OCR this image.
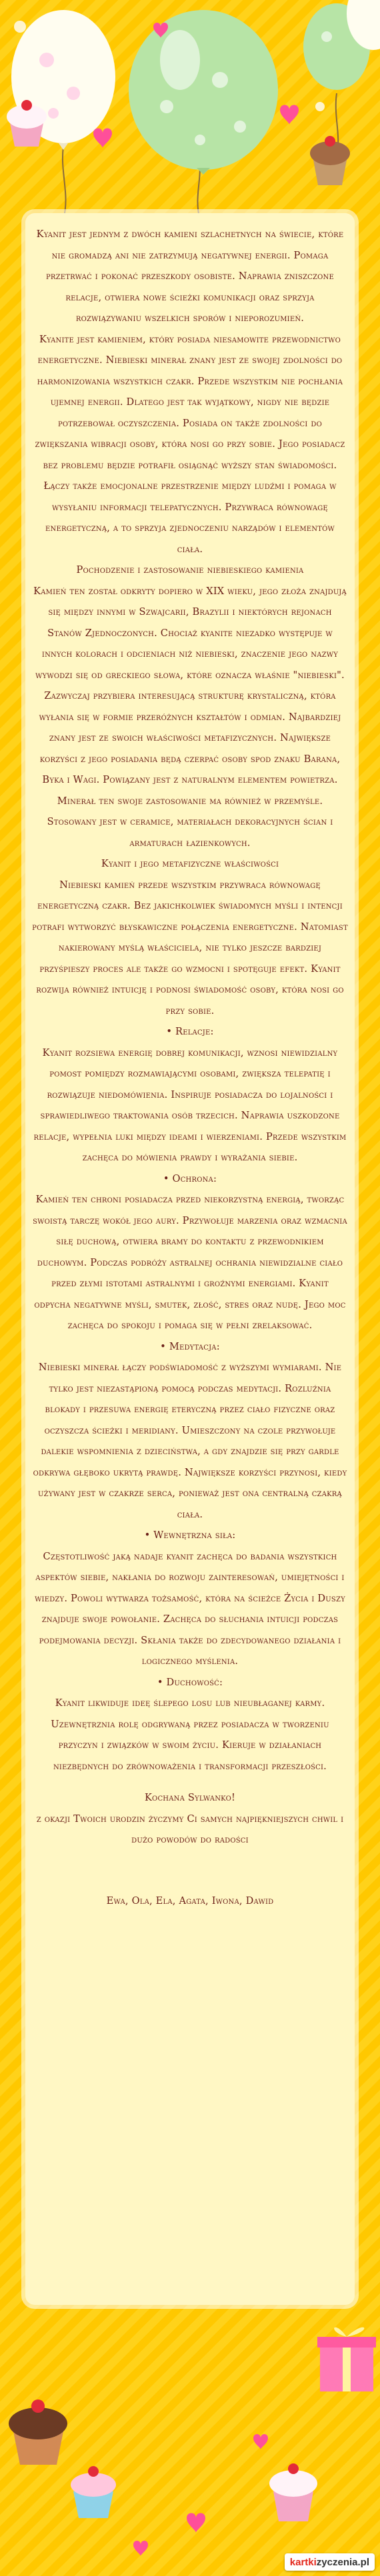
Kyanit jest jednym z dwóch kamieni szlachetnych na świecie, które nie gromadzą ani nie zatrzymują negatywnej energii. Pomaga przetrwać i pokonać przeszkody osobiste. Naprawia zniszczone relacje, otwiera nowe ścieżki komunikacji oraz sprzyja rozwiązywaniu wszelkich sporów i nieporozumień.

Kyanite jest kamieniem, który posiada niesamowite przewodnictwo energetyczne. Niebieski minerał znany jest ze swojej zdolności do harmonizowania wszystkich czakr. Przede wszystkim nie pochłania ujemnej energii. Dlatego jest tak wyjątkowy, nigdy nie będzie potrzebował oczyszczenia. Posiada on także zdolności do zwiększania wibracji osoby, która nosi go przy sobie. Jego posiadacz bez problemu będzie potrafił osiągnąć wyższy stan świadomości. Łączy także emocjonalne przestrzenie między ludźmi i pomaga w wysyłaniu informacji telepatycznych. Przywraca równowagę energetyczną, a to sprzyja zjednoczeniu narządów i elementów ciała.

Pochodzenie i zastosowanie niebieskiego kamienia

Kamień ten został odkryty dopiero w XIX wieku, jego złoża znajdują się między innymi w Szwajcarii, Brazylii i niektórych rejonach Stanów Zjednoczonych. Chociaż kyanite niezadko występuje w innych kolorach i odcieniach niż niebieski, znaczenie jego nazwy wywodzi się od greckiego słowa, które oznacza właśnie "niebieski". Zazwyczaj przybiera interesującą strukturę krystaliczną, która wyłania się w formie przeróżnych kształtów i odmian. Najbardziej znany jest ze swoich właściwości metafizycznych. Największe korzyści z jego posiadania będą czerpać osoby spod znaku Barana, Byka i Wagi. Powiązany jest z naturalnym elementem powietrza. Minerał ten swoje zastosowanie ma również w przemyśle. Stosowany jest w ceramice, materiałach dekoracyjnych ścian i armaturach łazienkowych.

Kyanit i jego metafizyczne właściwości

Niebieski kamień przede wszystkim przywraca równowagę energetyczną czakr. Bez jakichkolwiek świadomych myśli i intencji potrafi wytworzyć błyskawiczne połączenia energetyczne. Natomiast nakierowany myślą właściciela, nie tylko jeszcze bardziej przyśpieszy proces ale także go wzmocni i spotęguje efekt. Kyanit rozwija również intuicję i podnosi świadomość osoby, która nosi go przy sobie.

• Relacje:

Kyanit rozsiewa energię dobrej komunikacji, wznosi niewidzialny pomost pomiędzy rozmawiającymi osobami, zwiększa telepatię i rozwiązuje niedomówienia. Inspiruje posiadacza do lojalności i sprawiedliwego traktowania osób trzecich. Naprawia uszkodzone relacje, wypełnia luki między ideami i wierzeniami. Przede wszystkim zachęca do mówienia prawdy i wyrażania siebie.

• Ochrona:

Kamień ten chroni posiadacza przed niekorzystną energią, tworząc swoistą tarczę wokół jego aury. Przywołuje marzenia oraz wzmacnia siłę duchową, otwiera bramy do kontaktu z przewodnikiem duchowym. Podczas podróży astralnej ochrania niewidzialne ciało przed złymi istotami astralnymi i groźnymi energiami. Kyanit odpycha negatywne myśli, smutek, złość, stres oraz nudę. Jego moc zachęca do spokoju i pomaga się w pełni zrelaksować.

• Medytacja:

Niebieski minerał łączy podświadomość z wyższymi wymiarami. Nie tylko jest niezastąpioną pomocą podczas medytacji. Rozluźnia blokady i przesuwa energię eteryczną przez ciało fizyczne oraz oczyszcza ścieżki i meridiany. Umieszczony na czole przywołuje dalekie wspomnienia z dzieciństwa, a gdy znajdzie się przy gardle odkrywa głęboko ukrytą prawdę. Największe korzyści przynosi, kiedy używany jest w czakrze serca, ponieważ jest ona centralną czakrą ciała.

• Wewnętrzna siła:

Częstotliwość jaką nadaje kyanit zachęca do badania wszystkich aspektów siebie, nakłania do rozwoju zainteresowań, umiejętności i wiedzy. Powoli wytwarza tożsamość, która na ścieżce Życia i Duszy znajduje swoje powołanie. Zachęca do słuchania intuicji podczas podejmowania decyzji. Skłania także do zdecydowanego działania i logicznego myślenia.

• Duchowość:

Kyanit likwiduje ideę ślepego losu lub nieubłaganej karmy. Uzewnętrznia rolę odgrywaną przez posiadacza w tworzeniu przyczyn i związków w swoim życiu. Kieruje w działaniach niezbędnych do zrównoważenia i transformacji przeszłości.

Kochana Sylwanko!

z okazji Twoich urodzin życzymy Ci samych najpiękniejszych chwil i dużo powodów do radości

Ewa, Ola, Ela, Agata, Iwona, Dawid

kartki zyczenia.pl
